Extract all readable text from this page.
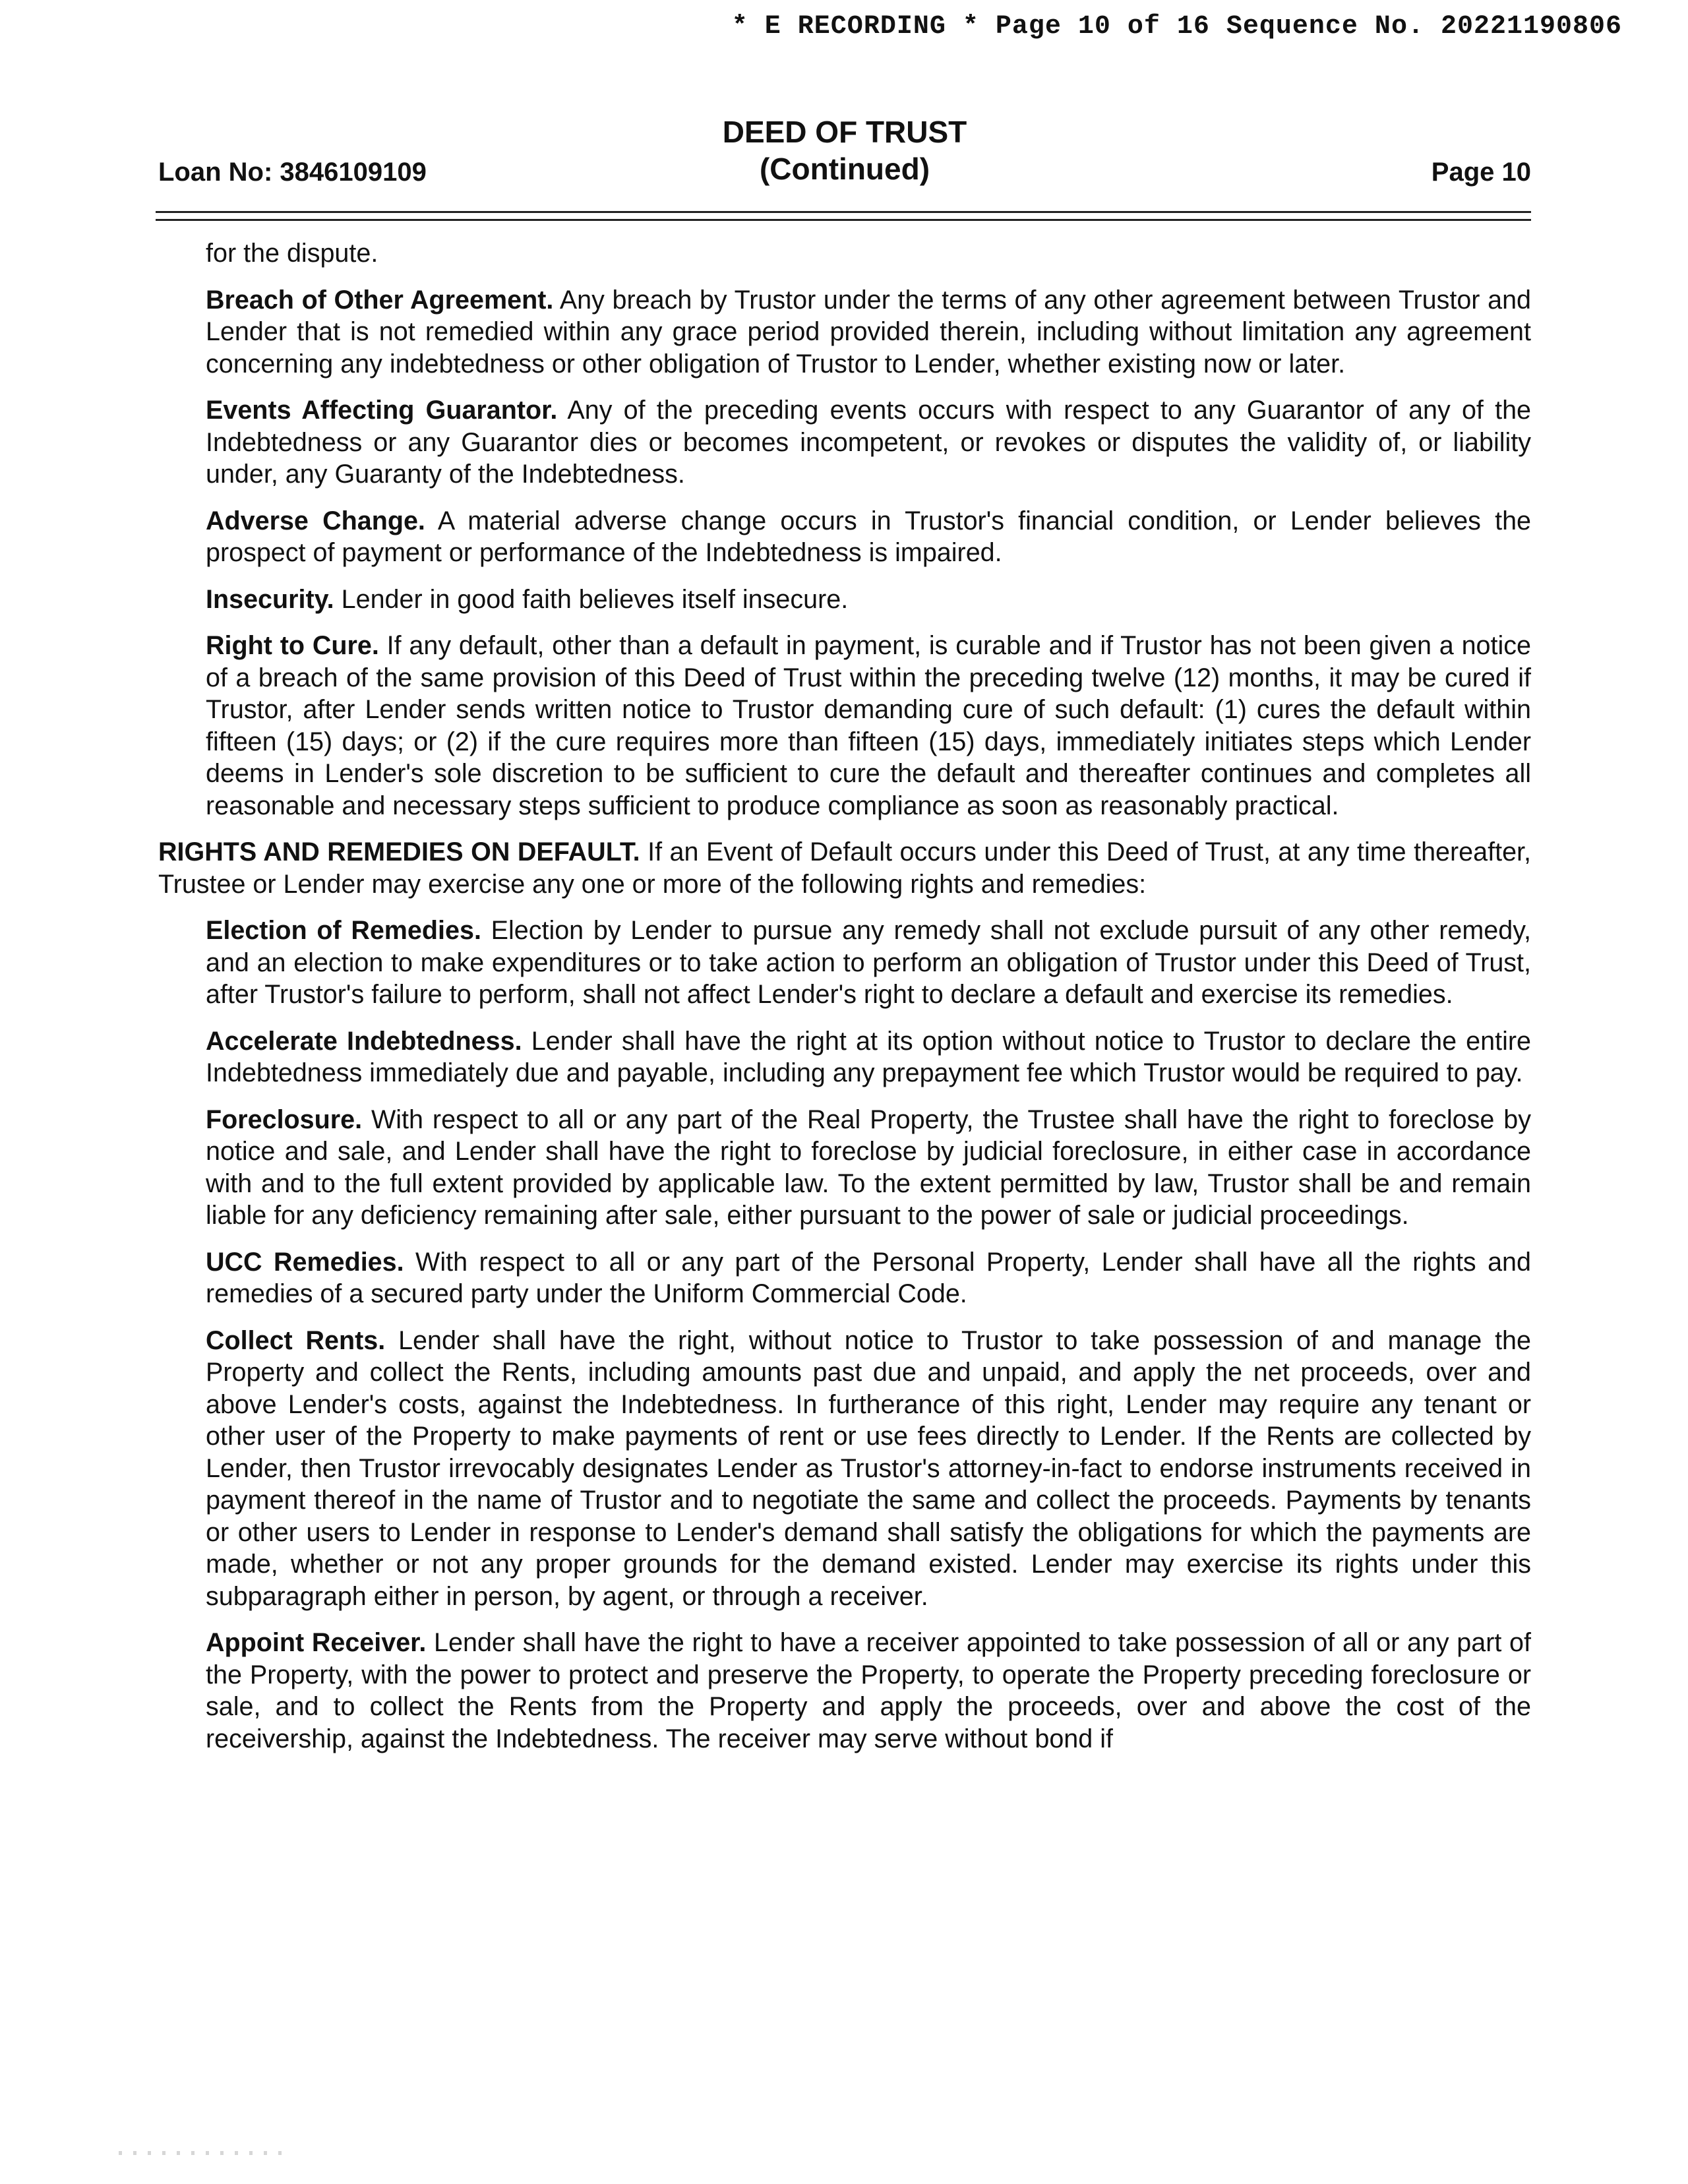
* E RECORDING * Page 10 of 16 Sequence No. 20221190806
Loan No: 3846109109
DEED OF TRUST
(Continued)	Page 10

for the dispute.

Breach of Other Agreement. Any breach by Trustor under the terms of any other agreement between Trustor and Lender that is not remedied within any grace period provided therein, including without limitation any agreement concerning any indebtedness or other obligation of Trustor to Lender, whether existing now or later.

Events Affecting Guarantor. Any of the preceding events occurs with respect to any Guarantor of any of the Indebtedness or any Guarantor dies or becomes incompetent, or revokes or disputes the validity of, or liability under, any Guaranty of the Indebtedness.

Adverse Change. A material adverse change occurs in Trustor's financial condition, or Lender believes the prospect of payment or performance of the Indebtedness is impaired.

Insecurity. Lender in good faith believes itself insecure.

Right to Cure. If any default, other than a default in payment, is curable and if Trustor has not been given a notice of a breach of the same provision of this Deed of Trust within the preceding twelve (12) months, it may be cured if Trustor, after Lender sends written notice to Trustor demanding cure of such default: (1) cures the default within fifteen (15) days; or (2) if the cure requires more than fifteen (15) days, immediately initiates steps which Lender deems in Lender's sole discretion to be sufficient to cure the default and thereafter continues and completes all reasonable and necessary steps sufficient to produce compliance as soon as reasonably practical.

RIGHTS AND REMEDIES ON DEFAULT. If an Event of Default occurs under this Deed of Trust, at any time thereafter, Trustee or Lender may exercise any one or more of the following rights and remedies:

Election of Remedies. Election by Lender to pursue any remedy shall not exclude pursuit of any other remedy, and an election to make expenditures or to take action to perform an obligation of Trustor under this Deed of Trust, after Trustor's failure to perform, shall not affect Lender's right to declare a default and exercise its remedies.

Accelerate Indebtedness. Lender shall have the right at its option without notice to Trustor to declare the entire Indebtedness immediately due and payable, including any prepayment fee which Trustor would be required to pay.

Foreclosure. With respect to all or any part of the Real Property, the Trustee shall have the right to foreclose by notice and sale, and Lender shall have the right to foreclose by judicial foreclosure, in either case in accordance with and to the full extent provided by applicable law. To the extent permitted by law, Trustor shall be and remain liable for any deficiency remaining after sale, either pursuant to the power of sale or judicial proceedings.

UCC Remedies. With respect to all or any part of the Personal Property, Lender shall have all the rights and remedies of a secured party under the Uniform Commercial Code.

Collect Rents. Lender shall have the right, without notice to Trustor to take possession of and manage the Property and collect the Rents, including amounts past due and unpaid, and apply the net proceeds, over and above Lender's costs, against the Indebtedness. In furtherance of this right, Lender may require any tenant or other user of the Property to make payments of rent or use fees directly to Lender. If the Rents are collected by Lender, then Trustor irrevocably designates Lender as Trustor's attorney-in-fact to endorse instruments received in payment thereof in the name of Trustor and to negotiate the same and collect the proceeds. Payments by tenants or other users to Lender in response to Lender's demand shall satisfy the obligations for which the payments are made, whether or not any proper grounds for the demand existed. Lender may exercise its rights under this subparagraph either in person, by agent, or through a receiver.

Appoint Receiver. Lender shall have the right to have a receiver appointed to take possession of all or any part of the Property, with the power to protect and preserve the Property, to operate the Property preceding foreclosure or sale, and to collect the Rents from the Property and apply the proceeds, over and above the cost of the receivership, against the Indebtedness. The receiver may serve without bond if
